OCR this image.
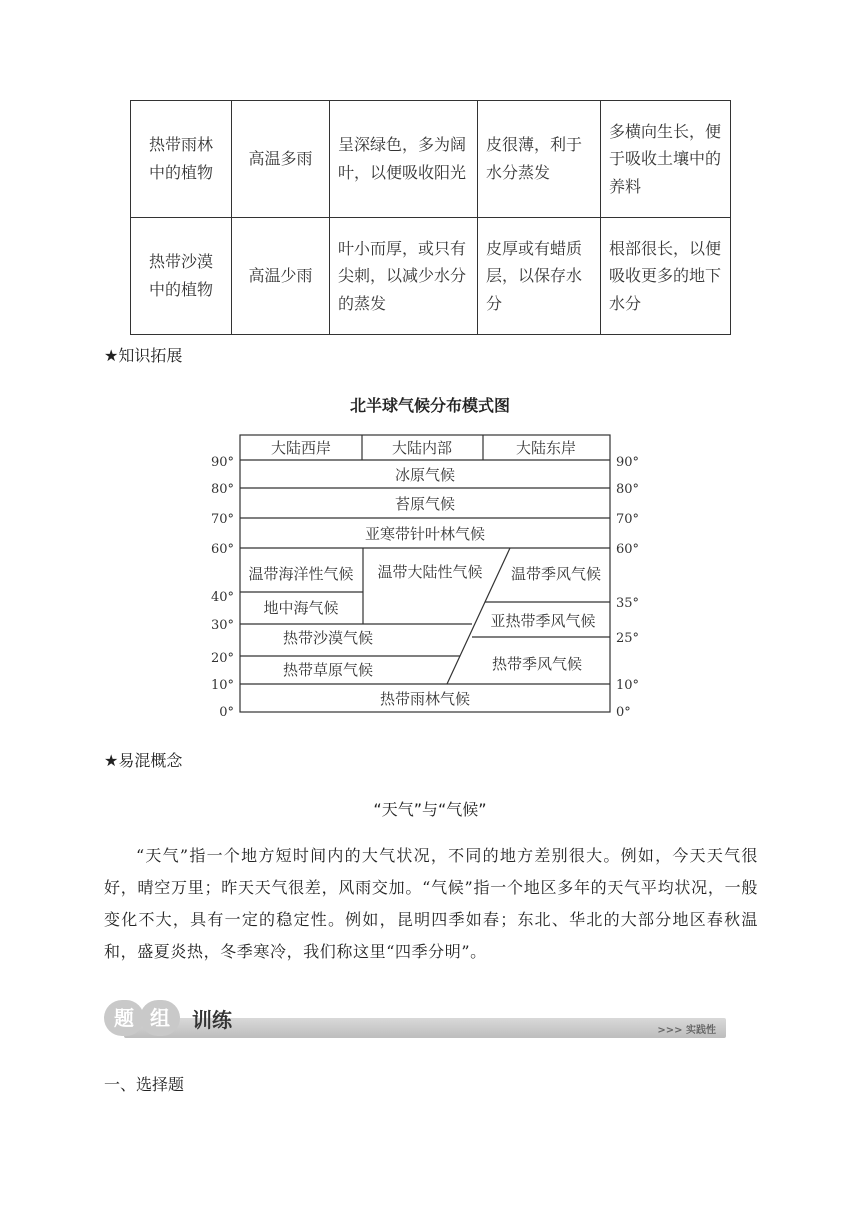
热带雨林中的植物	高温多雨	呈深绿色，多为阔叶，以便吸收阳光	皮很薄，利于水分蒸发	多横向生长，便于吸收土壤中的养料
热带沙漠中的植物	高温少雨	叶小而厚，或只有尖刺，以减少水分的蒸发	皮厚或有蜡质层，以保存水分	根部很长，以便吸收更多的地下水分
★知识拓展
北半球气候分布模式图
大陆西岸	大陆内部	大陆东岸
冰原气候
苔原气候
亚寒带针叶林气候
温带海洋性气候 温带大陆性气候 温带季风气候
地中海气候
亚热带季风气候
热带沙漠气候
热带季风气候
热带草原气候
热带雨林气候
90°
80°
70°
60°
40°
30°
20°
10°
0°
90°
80°
70°
60°
35°
25°
10°
0°
★易混概念
“天气”与“气候”

“天气”指一个地方短时间内的大气状况，不同的地方差别很大。例如，今天天气很好，晴空万里；昨天天气很差，风雨交加。“气候”指一个地区多年的天气平均状况，一般变化不大，具有一定的稳定性。例如，昆明四季如春；东北、华北的大部分地区春秋温和，盛夏炎热，冬季寒冷，我们称这里“四季分明”。

题 组	训练	>>> 实践性
一、选择题
